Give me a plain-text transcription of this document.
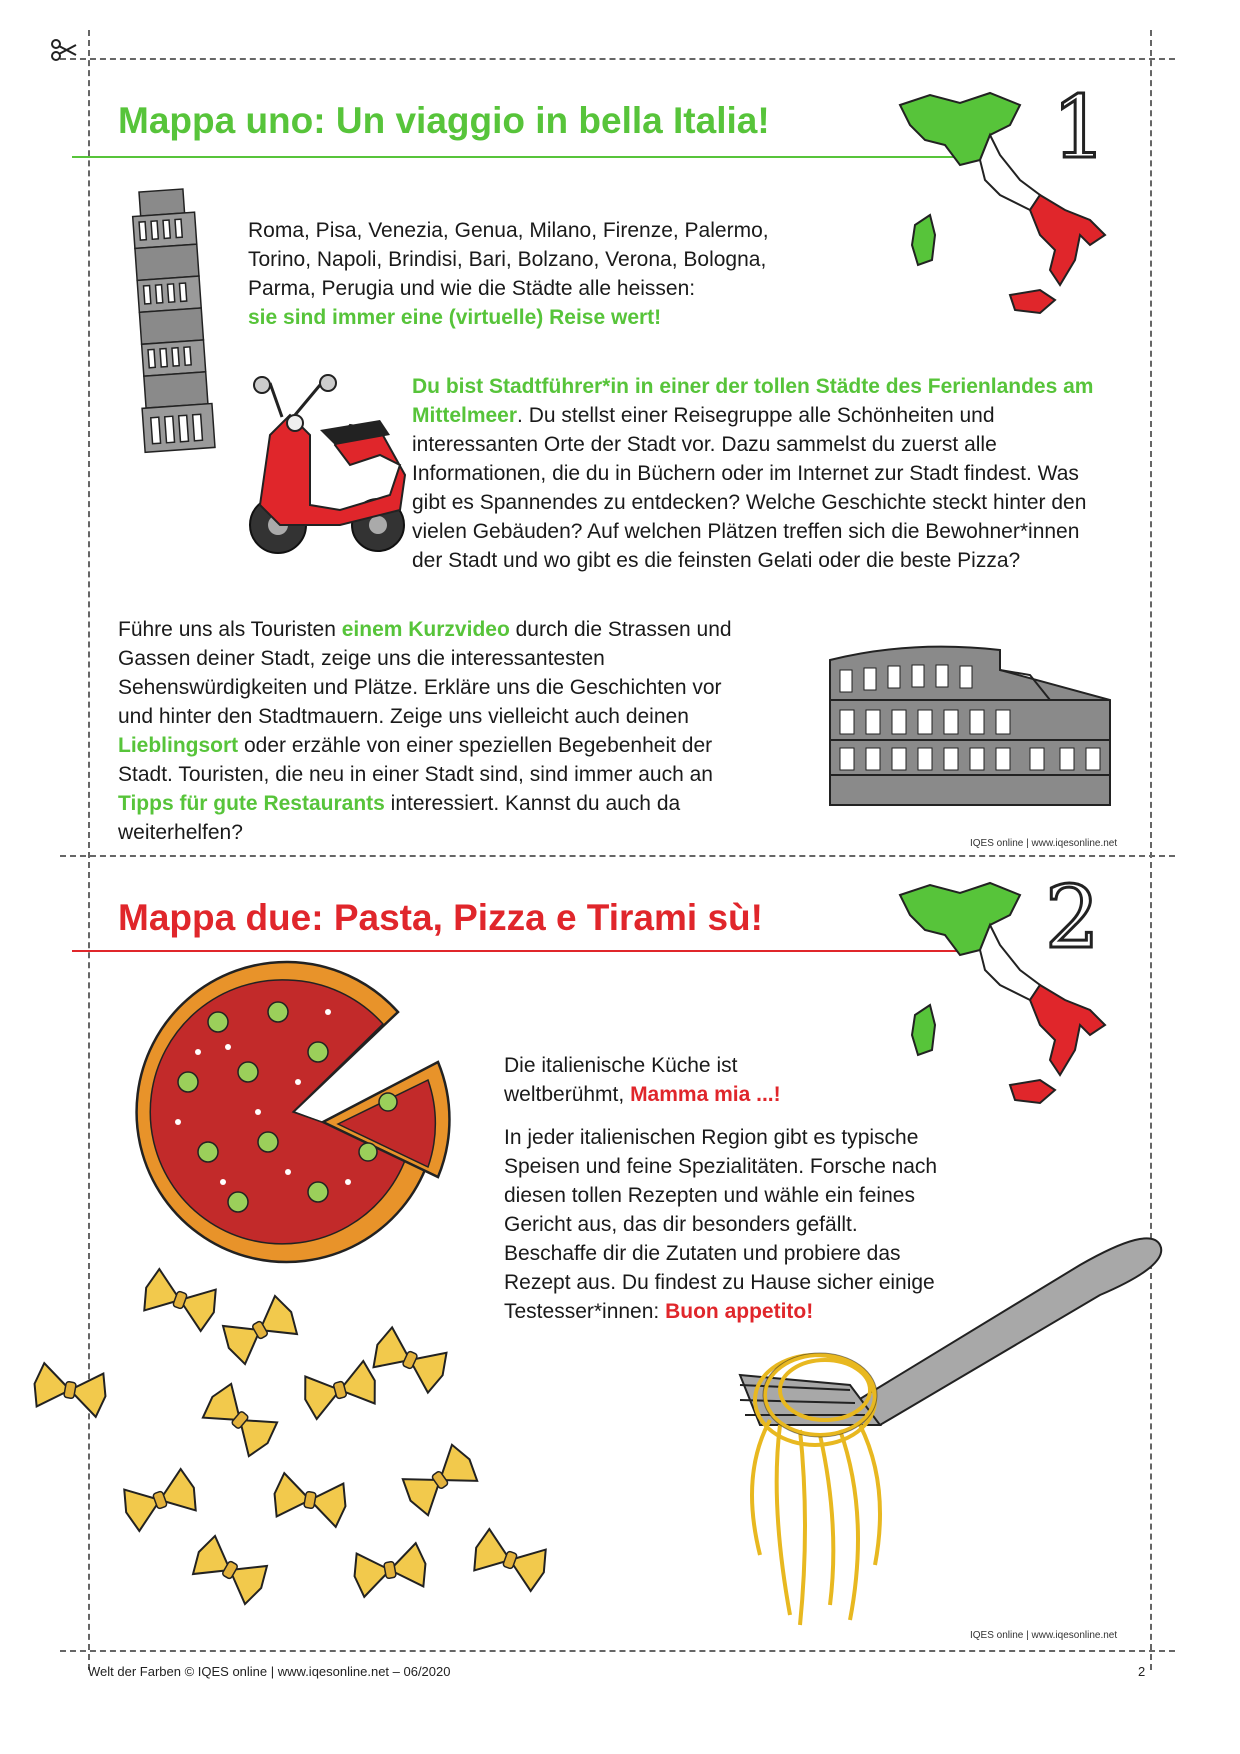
Mappa uno: Un viaggio in bella Italia!	1

Roma, Pisa, Venezia, Genua, Milano, Firenze, Palermo,

Torino, Napoli, Brindisi, Bari, Bolzano, Verona, Bologna,

Parma, Perugia und wie die Städte alle heissen:

sie sind immer eine (virtuelle) Reise wert!

Du bist Stadtführer*in in einer der tollen Städte des Ferienlandes am Mittelmeer. Du stellst einer Reisegruppe alle Schönheiten und interessanten Orte der Stadt vor. Dazu sammelst du zuerst alle Informationen, die du in Büchern oder im Internet zur Stadt findest. Was gibt es Spannendes zu entdecken? Welche Geschichte steckt hinter den vielen Gebäuden? Auf welchen Plätzen treffen sich die Bewohner*innen der Stadt und wo gibt es die feinsten Gelati oder die beste Pizza?
Führe uns als Touristen einem Kurzvideo durch die Strassen und Gassen deiner Stadt, zeige uns die interessantesten Sehenswürdigkeiten und Plätze. Erkläre uns die Geschichten vor und hinter den Stadtmauern. Zeige uns vielleicht auch deinen Lieblingsort oder erzähle von einer speziellen Begebenheit der Stadt. Touristen, die neu in einer Stadt sind, sind immer auch an Tipps für gute Restaurants interessiert. Kannst du auch da weiterhelfen?	IQES online | www.iqesonline.net
Mappa due: Pasta, Pizza e Tirami sù!	2
Die italienische Küche ist weltberühmt, Mamma mia ...!
In jeder italienischen Region gibt es typische Speisen und feine Spezialitäten. Forsche nach diesen tollen Rezepten und wähle ein feines Gericht aus, das dir besonders gefällt. Beschaffe dir die Zutaten und probiere das Rezept aus. Du findest zu Hause sicher einige Testesser*innen: Buon appetito!
IQES online | www.iqesonline.net
Welt der Farben © IQES online | www.iqesonline.net – 06/2020	2
